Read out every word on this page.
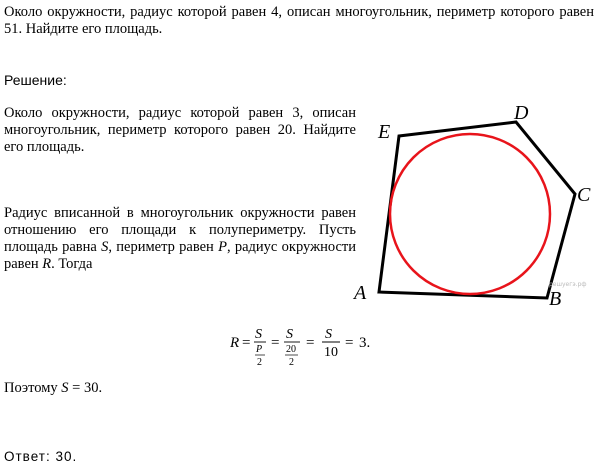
Около окружности, радиус которой равен 4, описан многоугольник, периметр которого равен 51. Найдите его площадь.
Решение:
Около окружности, радиус которой равен 3, описан многоугольник, периметр которого равен 20. Найдите его площадь.
Радиус вписанной в многоугольник окружности равен отношению его площади к полупериметру. Пусть площадь равна S, периметр равен P, радиус окружности равен R. Тогда
A	B
C
D
E
решуегэ.рф
R =
S
P
2
=
S
20
2
=
S
10
= 3.
Поэтому S = 30.
Ответ: 30.
